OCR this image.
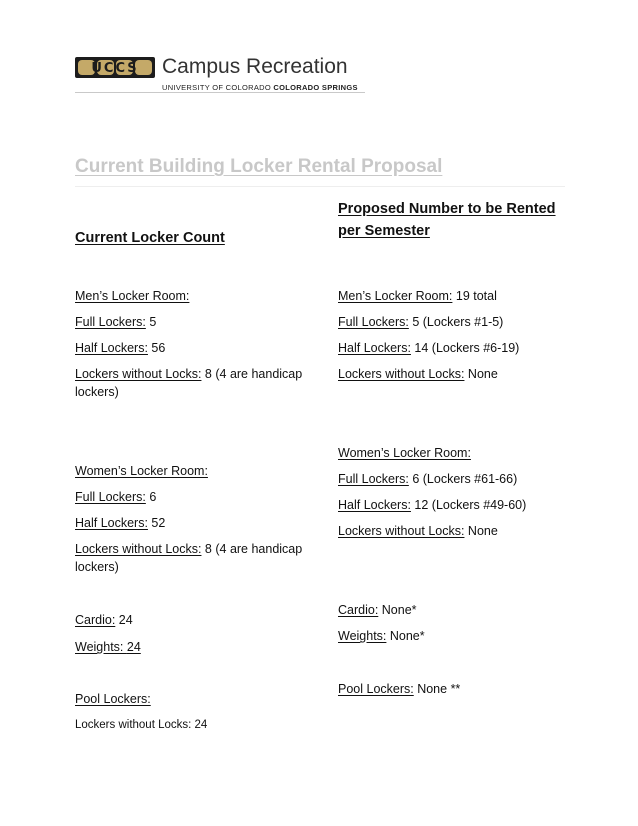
UCCS Campus Recreation
UNIVERSITY OF COLORADO COLORADO SPRINGS
Current Building Locker Rental Proposal
Current Locker Count
Men’s Locker Room:
Full Lockers: 5
Half Lockers: 56
Lockers without Locks: 8 (4 are handicap lockers)
Women’s Locker Room:
Full Lockers: 6
Half Lockers: 52
Lockers without Locks: 8 (4 are handicap lockers)
Cardio: 24
Weights: 24
Pool Lockers:
Lockers without Locks: 24
Proposed Number to be Rented per Semester
Men’s Locker Room: 19 total
Full Lockers: 5 (Lockers #1-5)
Half Lockers: 14 (Lockers #6-19)
Lockers without Locks: None
Women’s Locker Room:
Full Lockers: 6 (Lockers #61-66)
Half Lockers: 12 (Lockers #49-60)
Lockers without Locks: None
Cardio: None*
Weights: None*
Pool Lockers: None **
